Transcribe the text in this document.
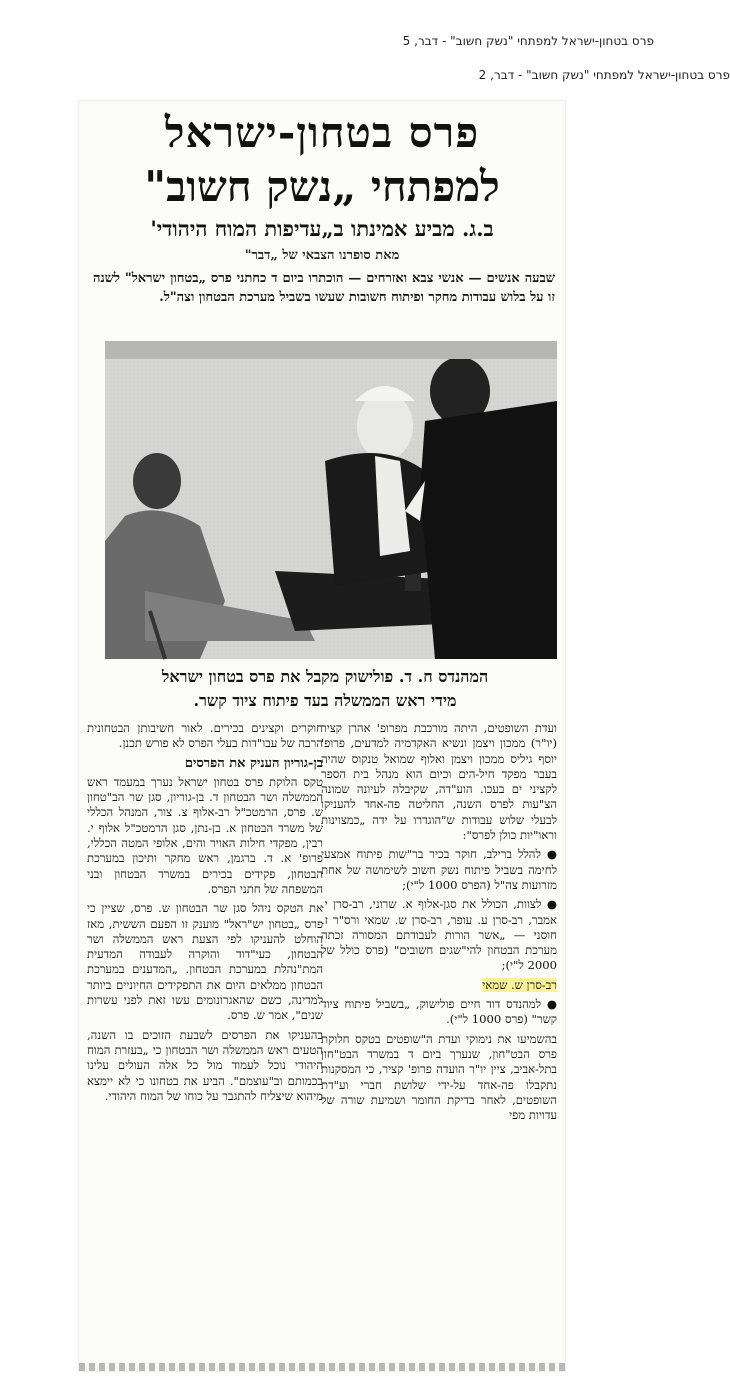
פרס בטחון-ישראל למפתחי "נשק חשוב" - דבר, 5
פרס בטחון-ישראל למפתחי "נשק חשוב" - דבר, 2
פרס בטחון-ישראל
למפתחי „נשק חשוב"
ב.ג. מביע אמינתו ב„עדיפות המוח היהודי'
מאת סופרנו הצבאי של „דבר"
שבעה אנשים — אנשי צבא ואזרחים — הוכתרו ביום ד כחתני פרס „בטחון ישראל" לשנה זו על בלוש עבודות מחקר ופיתוח חשובות שעשו בשביל מערכת הבטחון וצה"ל.
המהנדס ח. ד. פולישוק מקבל את פרס בטחון ישראל
מידי ראש הממשלה בעד פיתוח ציוד קשר.

ועדת השופטים, היתה מורכבת מפרופ' אהרן קציר (יו"ר) ממכון ויצמן ונשיא האקדמיה למדעים, פרופ' יוסף גיליס ממכון ויצמן ואלוף שמואל טנקוס שהיה בעבר מפקד חיל-הים וכיום הוא מנהל בית הספר לקציני ים בעכו. הוע"דה, שקיבלה לעיונה שמונה הצ"עות לפרס השנה, החליטה פה-אחד להעניקו לבעלי שלוש עבודות ש"הוגדרו על ידה „כמצוינות וראו"יות כולן לפרס":

● להלל ברילב, חוקר בכיר בר"שות פיתוח אמצעי לחימה בשביל פיתוח נשק חשוב לשימושה של אחת מזרועות צה"ל (הפרס 1000 ל"י);

● לצוות, הכולל את סגן-אלוף א. שרוני, רב-סרן י. אמבר, רב-סרן ע. עופר, רב-סרן ש. שמאי ורס"ר ז. חוסני — „אשר הורות לעבודתם המסורה זכתה מערכת הבטחון להי"שגים חשובים" (פרס כולל של 2000 ל"י);

רב-סרן ש. שמאי

● למהנדס דוד חיים פולישוק, „בשביל פיתוח ציוד קשר" (פרס 1000 ל"י).

בהשמיעו את נימוקי ועדת ה"שופטים בטקס חלוקת פרס הבט"חון, שנערך ביום ד במשרד הבט"חון בתל-אביב, ציין יו"ר הועדה פרופ' קציר, כי המסקנות נתקבלו פה-אחד על-ידי שלושת חברי וע"דת השופטים, לאחר בדיקת החומר ושמיעת שורה של עדויות מפי

חוקרים וקצינים בכירים. לאור חשיבותן הבטחונית הרבה של עבו"דות בעלי הפרס לא פורש תכנן.

בן-גוריון העניק את הפרסים

טקס הלוקת פרס בטחון ישראל נערך במעמד ראש הממשלה ושר הבטחון ד. בן-גוריון, סגן שר הב"טחון ש. פרס, הרמטכ"ל רב-אלוף צ. צור, המנהל הכללי של משרד הבטחון א. בן-נתן, סגן הרמטכ"ל אלוף י. רבין, מפקדי חילות האויר והים, אלופי המטה הכללי, פרופ' א. ד. ברגמן, ראש מחקר ותיכון במערכת הבטחון, פקידים בכירים במשרד הבטחון ובני המשפחה של חתני הפרס.

את הטקס ניהל סגן שר הבטחון ש. פרס, שציין כי פרס „בטחון יש"ראל" מוענק זו הפעם הששית, מאז הוחלט להעניקו לפי הצעת ראש הממשלה ושר הבטחון, כעי"דוד והוקרה לעבודה המדעית המת"נהלת במערכת הבטחון. „המדענים במערכת הבטחון ממלאים היום את התפקידים החיוניים ביותר למדינה, כשם שהאגרונומים עשו זאת לפני עשרות שנים", אמר ש. פרס.

בהעניקו את הפרסים לשבעת הזוכים בו השנה, הטעים ראש הממשלה ושר הבטחון כי „בעזרת המוח היהודי נוכל לעמוד מול כל אלה העולים עלינו בכמותם וב"עוצמם". הביע את בטחונו כי לא יימצא מיהוא שיצליח להתגבר על כוחו של המוח היהודי.
